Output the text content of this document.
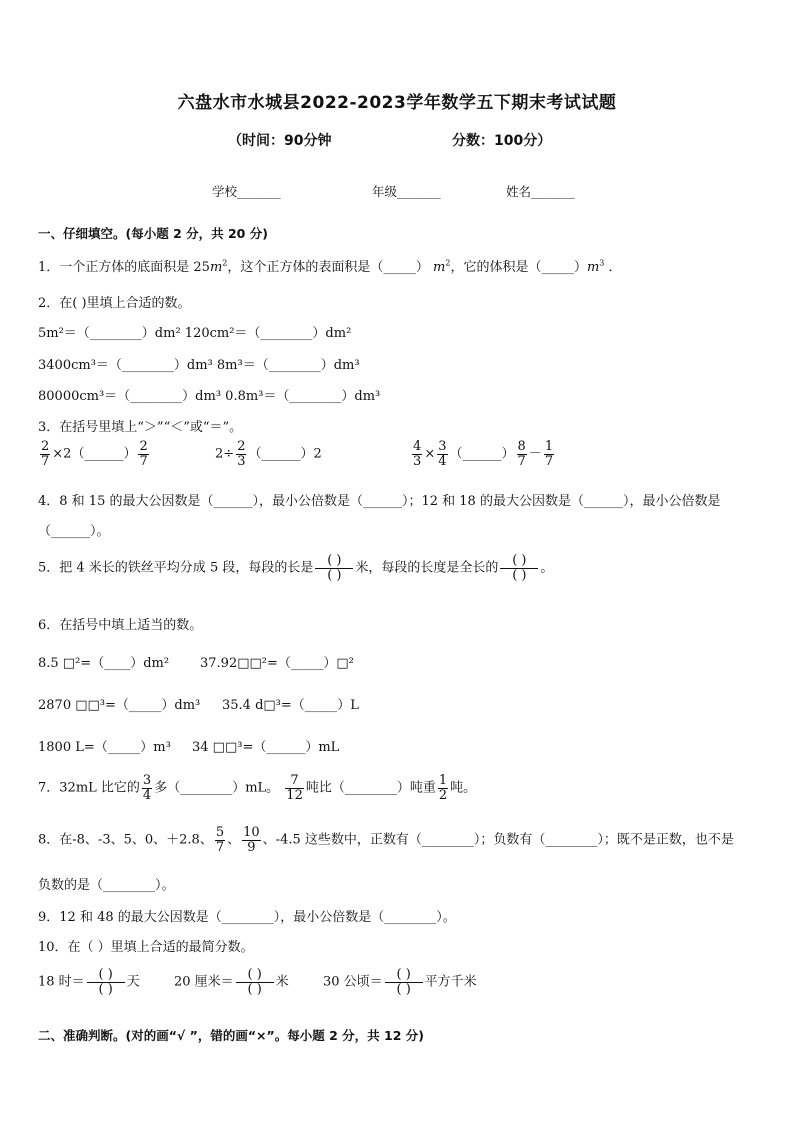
六盘水市水城县2022-2023学年数学五下期末考试试题
（时间：90分钟	分数：100分）
学校_______	年级_______	姓名_______
一、仔细填空。(每小题 2 分，共 20 分)
1．一个正方体的底面积是 $25m^2$，这个正方体的表面积是（_____） $m^2$，它的体积是$(\_\_\_\_\_)m^3$ ．
2．在( )里填上合适的数。
5m²＝（________）dm² 120cm²＝（________）dm²
3400cm³＝（________）dm³ 8m³＝（________）dm³
80000cm³＝（________）dm³ 0.8m³＝（________）dm³
3．在括号里填上“＞”“＜”或“＝”。
$\frac{2}{7}$ ×2（______） $\frac{2}{7}$	$2\div \frac{2}{3}$ （______）2	$\frac{4}{3} \times \frac{3}{4}$ （______） $\frac{8}{7} - \frac{1}{7}$
4．8 和 15 的最大公因数是（______），最小公倍数是（______）；12 和 18 的最大公因数是（______），最小公倍数是
（______）。
5．把 4 米长的铁丝平均分成 5 段，每段的长是 $\frac{( )}{( )}$ 米，每段的长度是全长的 $\frac{( )}{( )}$ 。
6．在括号中填上适当的数。
8.5 □²=（____）dm² 37.92□□²=（_____）□²
2870 □□³=（_____）dm³ 35.4 d□³=（_____）L
1800 L=（_____）m³ 34 □□³=（______）mL
7．32mL 比它的 $\frac{3}{4}$ 多（________）mL。 $\frac{7}{12}$ 吨比（________）吨重 $\frac{1}{2}$ 吨。
8．在-8、-3、5、0、＋2.8、 $\frac{5}{7}$ 、 $\frac{10}{9}$ 、-4.5 这些数中，正数有（________）；负数有（________）；既不是正数，也不是
负数的是（________）。
9．12 和 48 的最大公因数是（________），最小公倍数是（________）。
10．在（ ）里填上合适的最简分数。
18 时＝ $\frac{( )}{( )}$ 天	20 厘米＝ $\frac{( )}{( )}$ 米	30 公顷＝ $\frac{( )}{( )}$ 平方千米
二、准确判断。(对的画“√ ”，错的画“×”。每小题 2 分，共 12 分)
